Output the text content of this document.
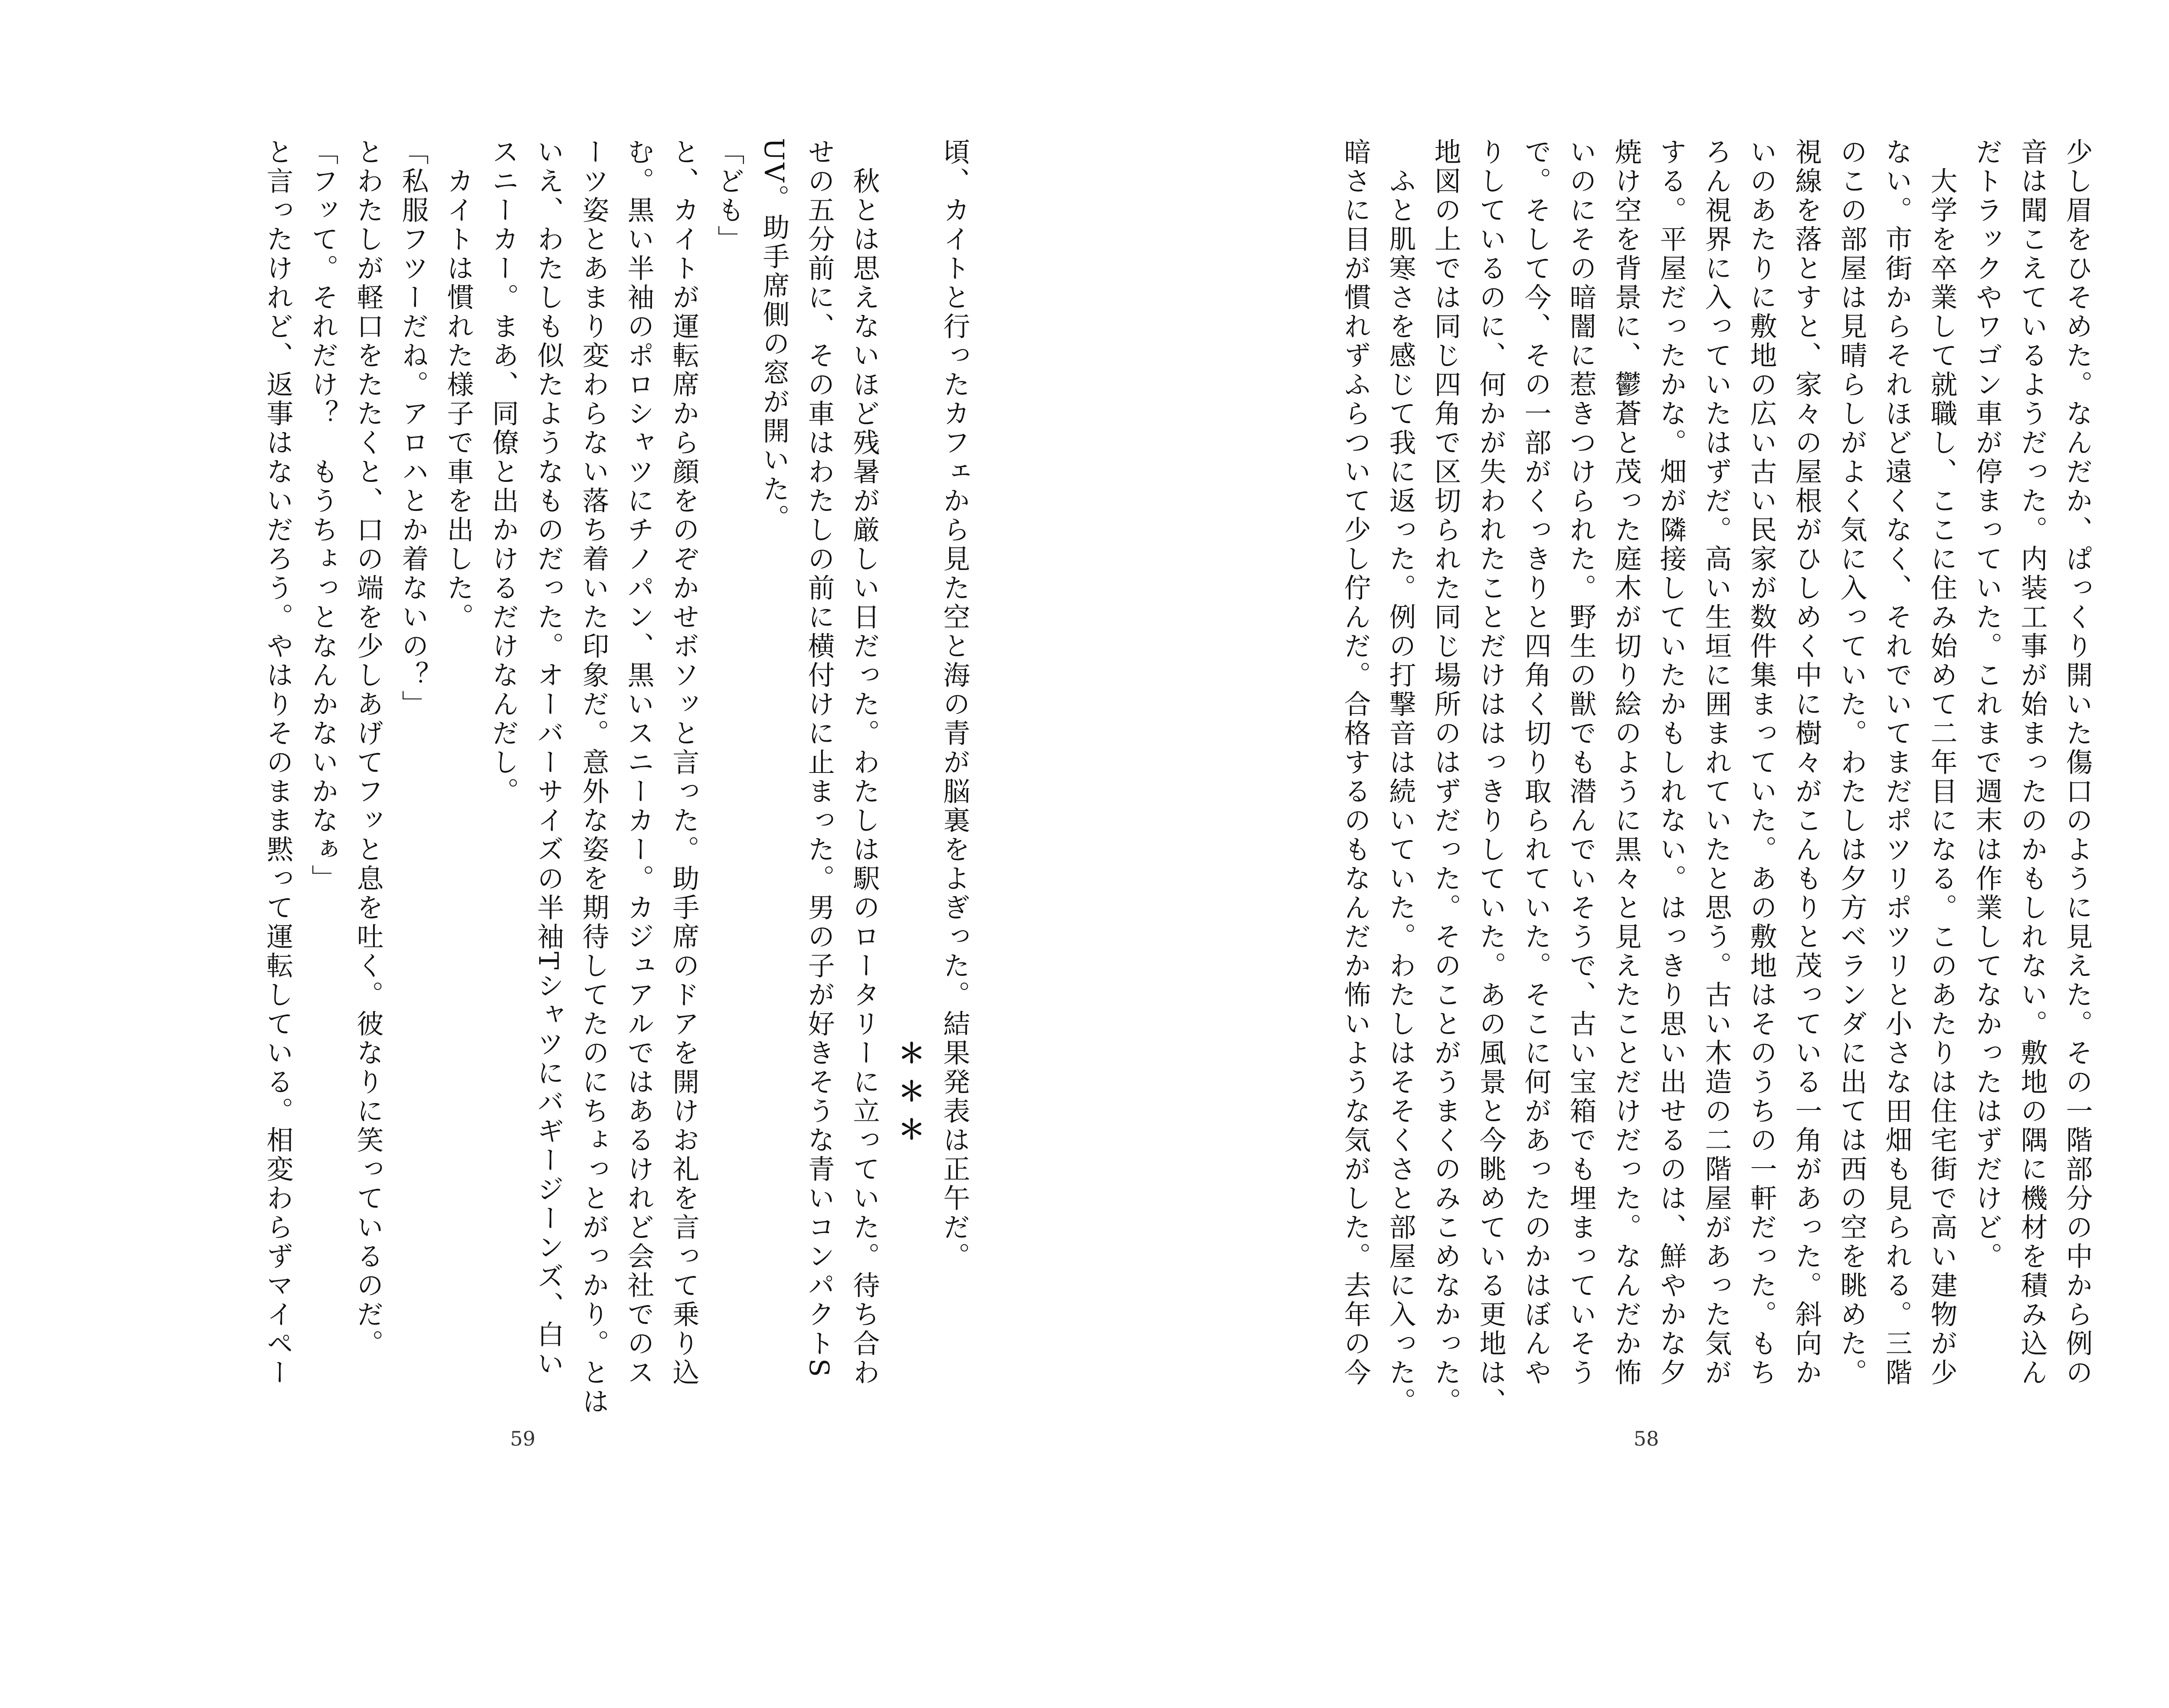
頃、カイトと行ったカフェから見た空と海の青が脳裏をよぎった。結果発表は正午だ。
＊＊＊
　秋とは思えないほど残暑が厳しい日だった。わたしは駅のロータリーに立っていた。待ち合わ
せの五分前に、その車はわたしの前に横付けに止まった。男の子が好きそうな青いコンパクトS
UV。助手席側の窓が開いた。
「ども」
と、カイトが運転席から顔をのぞかせボソッと言った。助手席のドアを開けお礼を言って乗り込
む。黒い半袖のポロシャツにチノパン、黒いスニーカー。カジュアルではあるけれど会社でのス
ーツ姿とあまり変わらない落ち着いた印象だ。意外な姿を期待してたのにちょっとがっかり。とは
いえ、わたしも似たようなものだった。オーバーサイズの半袖Tシャツにバギージーンズ、白い
スニーカー。まあ、同僚と出かけるだけなんだし。
　カイトは慣れた様子で車を出した。
「私服フツーだね。アロハとか着ないの？」
とわたしが軽口をたたくと、口の端を少しあげてフッと息を吐く。彼なりに笑っているのだ。
「フッて。それだけ？　もうちょっとなんかないかなぁ」
と言ったけれど、返事はないだろう。やはりそのまま黙って運転している。相変わらずマイペー
59
少し眉をひそめた。なんだか、ぱっくり開いた傷口のように見えた。その一階部分の中から例の
音は聞こえているようだった。内装工事が始まったのかもしれない。敷地の隅に機材を積み込ん
だトラックやワゴン車が停まっていた。これまで週末は作業してなかったはずだけど。
　大学を卒業して就職し、ここに住み始めて二年目になる。このあたりは住宅街で高い建物が少
ない。市街からそれほど遠くなく、それでいてまだポツリポツリと小さな田畑も見られる。三階
のこの部屋は見晴らしがよく気に入っていた。わたしは夕方ベランダに出ては西の空を眺めた。
視線を落とすと、家々の屋根がひしめく中に樹々がこんもりと茂っている一角があった。斜向か
いのあたりに敷地の広い古い民家が数件集まっていた。あの敷地はそのうちの一軒だった。もち
ろん視界に入っていたはずだ。高い生垣に囲まれていたと思う。古い木造の二階屋があった気が
する。平屋だったかな。畑が隣接していたかもしれない。はっきり思い出せるのは、鮮やかな夕
焼け空を背景に、鬱蒼と茂った庭木が切り絵のように黒々と見えたことだけだった。なんだか怖
いのにその暗闇に惹きつけられた。野生の獣でも潜んでいそうで、古い宝箱でも埋まっていそう
で。そして今、その一部がくっきりと四角く切り取られていた。そこに何があったのかはぼんや
りしているのに、何かが失われたことだけははっきりしていた。あの風景と今眺めている更地は、
地図の上では同じ四角で区切られた同じ場所のはずだった。そのことがうまくのみこめなかった。
　ふと肌寒さを感じて我に返った。例の打撃音は続いていた。わたしはそそくさと部屋に入った。
暗さに目が慣れずふらついて少し佇んだ。合格するのもなんだか怖いような気がした。去年の今
58
